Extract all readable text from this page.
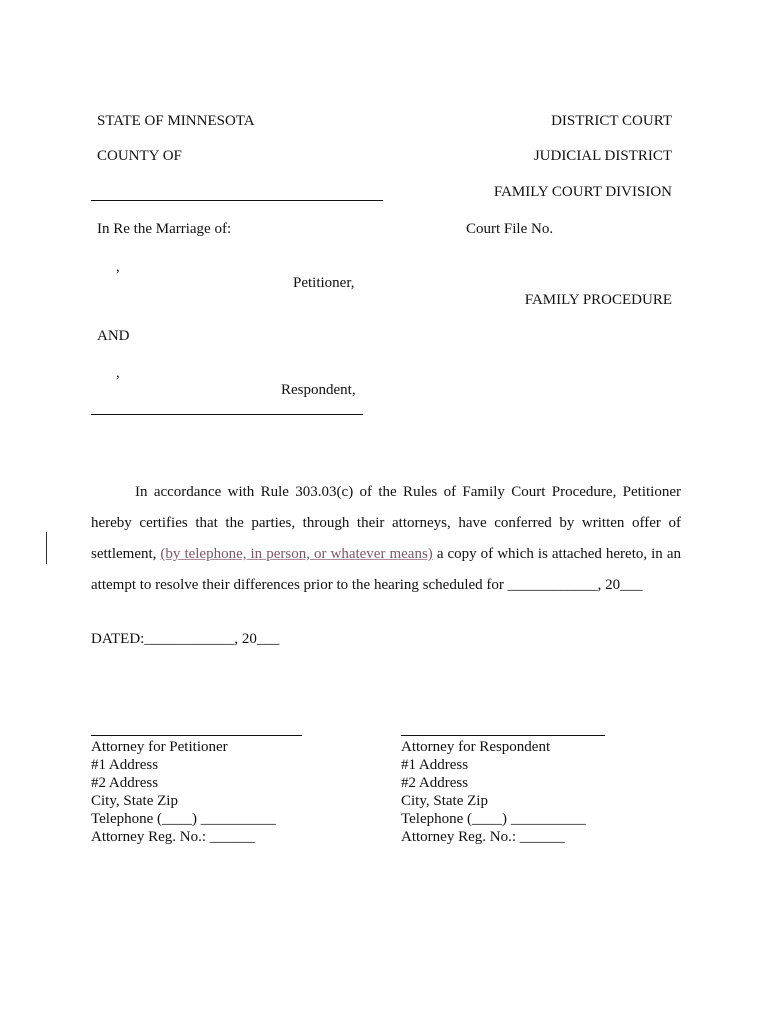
STATE OF MINNESOTA	DISTRICT COURT
COUNTY OF	JUDICIAL DISTRICT
FAMILY COURT DIVISION
In Re the Marriage of:	Court File No.
,
Petitioner,
FAMILY PROCEDURE
AND
,
Respondent,

In accordance with Rule 303.03(c) of the Rules of Family Court Procedure, Petitioner

hereby certifies that the parties, through their attorneys, have conferred by written offer of

settlement, (by telephone, in person, or whatever means) a copy of which is attached hereto, in an

attempt to resolve their differences prior to the hearing scheduled for ____________, 20___

DATED:____________, 20___
Attorney for Petitioner
#1 Address
#2 Address
City, State Zip
Telephone (____) __________
Attorney Reg. No.: ______
Attorney for Respondent
#1 Address
#2 Address
City, State Zip
Telephone (____) __________
Attorney Reg. No.: ______
